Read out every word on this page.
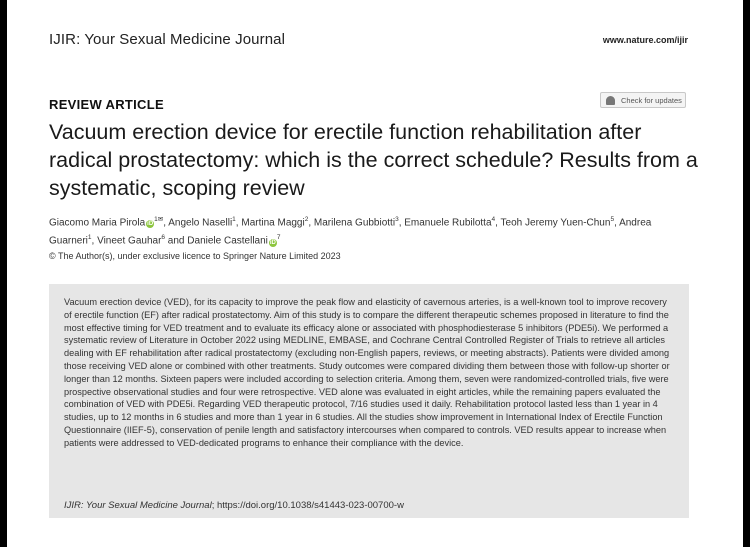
IJIR: Your Sexual Medicine Journal	www.nature.com/ijir
REVIEW ARTICLE	Check for updates
Vacuum erection device for erectile function rehabilitation after radical prostatectomy: which is the correct schedule? Results from a systematic, scoping review
Giacomo Maria Pirola $iD^{1✉}$, Angelo Naselli$^1$, Martina Maggi$^2$, Marilena Gubbiotti$^3$, Emanuele Rubilotta$^4$, Teoh Jeremy Yuen-Chun$^5$, Andrea Guarneri$^1$, Vineet Gauhar$^6$ and Daniele Castellani $iD^7$
© The Author(s), under exclusive licence to Springer Nature Limited 2023

Vacuum erection device (VED), for its capacity to improve the peak flow and elasticity of cavernous arteries, is a well-known tool to improve recovery of erectile function (EF) after radical prostatectomy. Aim of this study is to compare the different therapeutic schemes proposed in literature to find the most effective timing for VED treatment and to evaluate its efficacy alone or associated with phosphodiesterase 5 inhibitors (PDE5i). We performed a systematic review of Literature in October 2022 using MEDLINE, EMBASE, and Cochrane Central Controlled Register of Trials to retrieve all articles dealing with EF rehabilitation after radical prostatectomy (excluding non-English papers, reviews, or meeting abstracts). Patients were divided among those receiving VED alone or combined with other treatments. Study outcomes were compared dividing them between those with follow-up shorter or longer than 12 months. Sixteen papers were included according to selection criteria. Among them, seven were randomized-controlled trials, five were prospective observational studies and four were retrospective. VED alone was evaluated in eight articles, while the remaining papers evaluated the combination of VED with PDE5i. Regarding VED therapeutic protocol, 7/16 studies used it daily. Rehabilitation protocol lasted less than 1 year in 4 studies, up to 12 months in 6 studies and more than 1 year in 6 studies. All the studies show improvement in International Index of Erectile Function Questionnaire (IIEF-5), conservation of penile length and satisfactory intercourses when compared to controls. VED results appear to increase when patients were addressed to VED-dedicated programs to enhance their compliance with the device.

IJIR: Your Sexual Medicine Journal; https://doi.org/10.1038/s41443-023-00700-w
